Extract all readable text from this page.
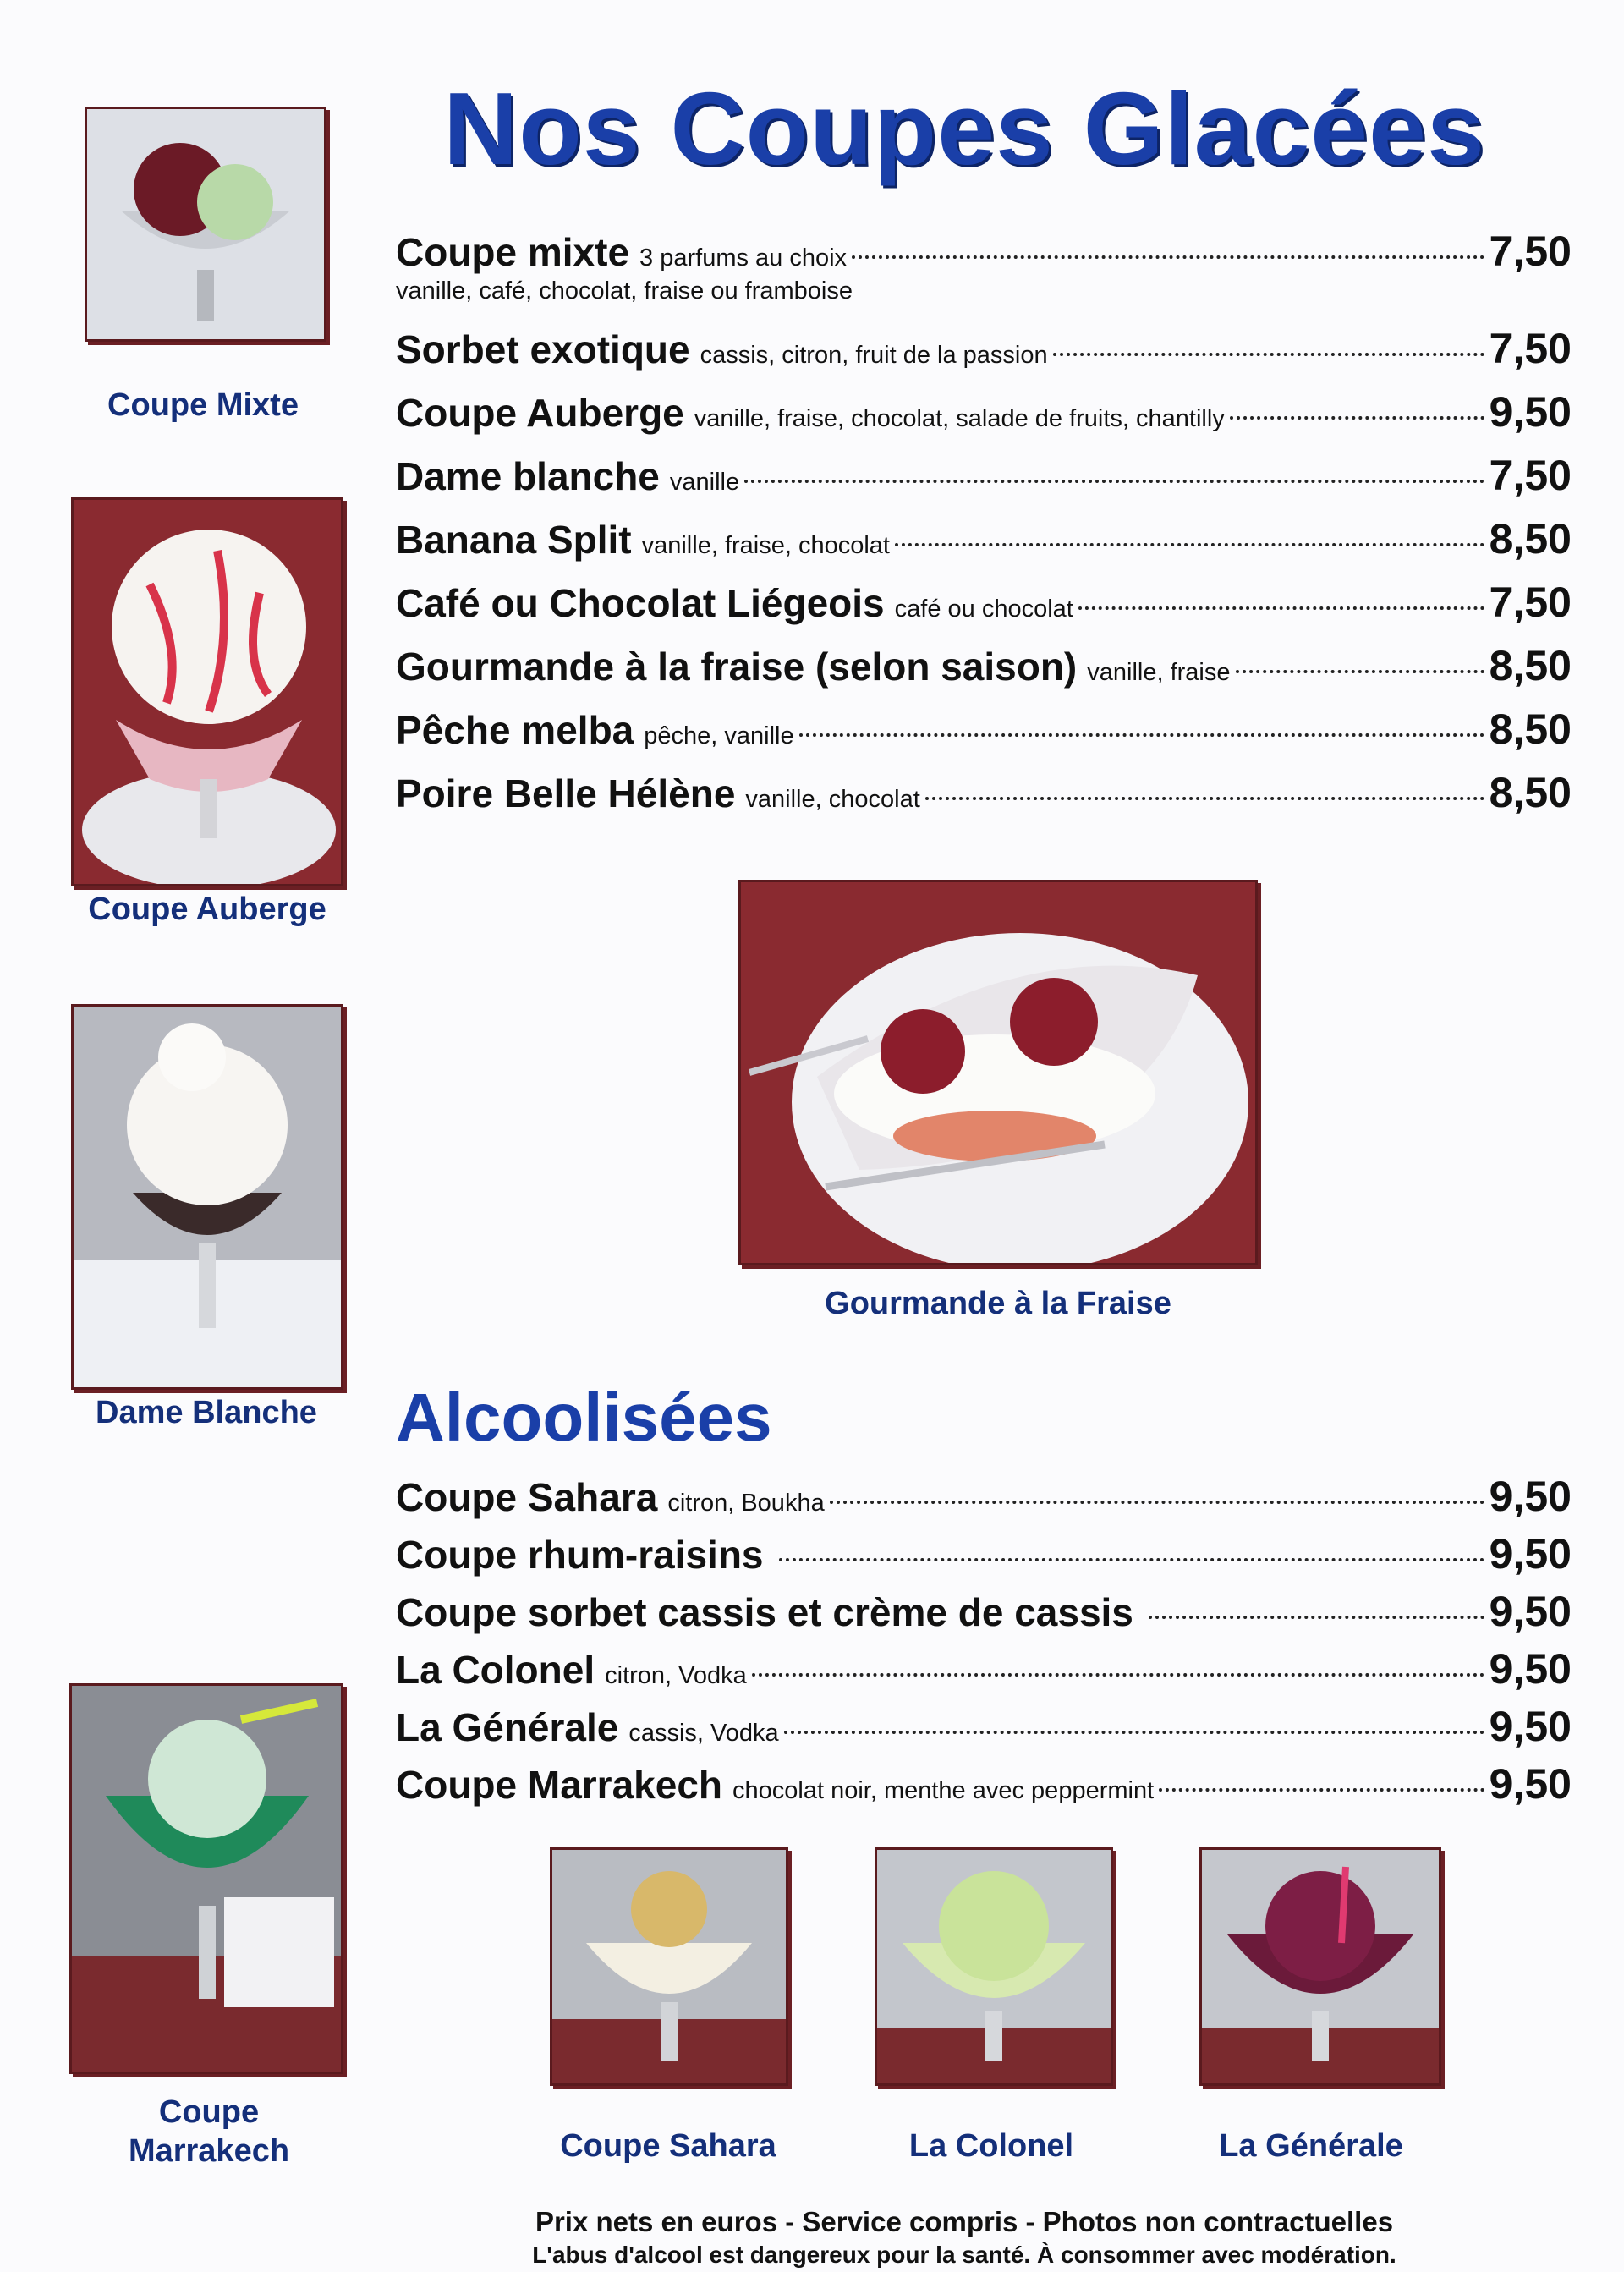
Nos Coupes Glacées
Coupe Mixte
Coupe Auberge
Dame Blanche
Coupe
Marrakech
Coupe mixte 3 parfums au choix	7,50
vanille, café, chocolat, fraise ou framboise
Sorbet exotique cassis, citron, fruit de la passion	7,50
Coupe Auberge vanille, fraise, chocolat, salade de fruits, chantilly	9,50
Dame blanche vanille	7,50
Banana Split vanille, fraise, chocolat	8,50
Café ou Chocolat Liégeois café ou chocolat	7,50
Gourmande à la fraise (selon saison) vanille, fraise	8,50
Pêche melba pêche, vanille	8,50
Poire Belle Hélène vanille, chocolat	8,50
Gourmande à la Fraise
Alcoolisées
Coupe Sahara citron, Boukha	9,50
Coupe rhum-raisins	9,50
Coupe sorbet cassis et crème de cassis	9,50
La Colonel citron, Vodka	9,50
La Générale cassis, Vodka	9,50
Coupe Marrakech chocolat noir, menthe avec peppermint	9,50
Coupe Sahara	La Colonel	La Générale
Prix nets en euros - Service compris - Photos non contractuelles
L'abus d'alcool est dangereux pour la santé. À consommer avec modération.
